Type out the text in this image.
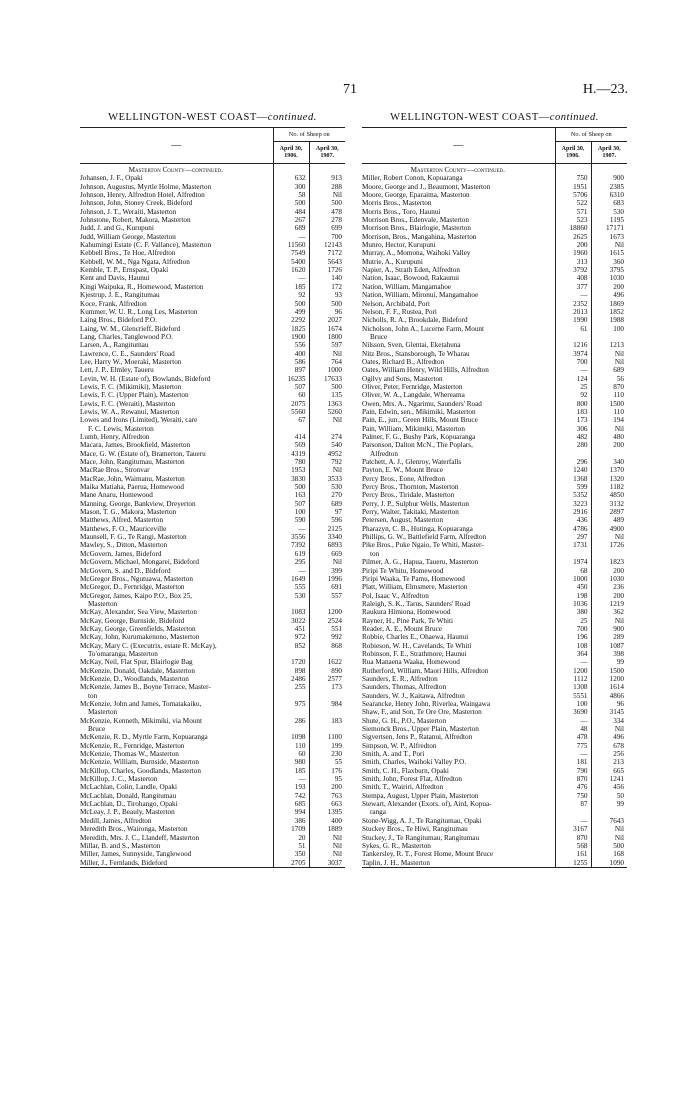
71	H.—23.
WELLINGTON-WEST COAST—continued.
—	No. of Sheep on	

	April 30,
1906.	April 30,
1907.

Masterton County—continued.		
Johansen, J. F., Opaki	632	913
Johnson, Augustus, Myrtle Holme, Masterton	300	288
Johnson, Henry, Alfredton Hotel, Alfredton	58	Nil
Johnson, John, Stoney Creek, Bideford	500	500
Johnson, J. T., Weraiti, Masterton	484	478
Johnstone, Robert, Makora, Masterton	267	278
Judd, J. and G., Kurupuni	689	699
Judd, William George, Masterton	—	700
Kahumingi Estate (C. F. Vallance), Masterton	11560	12143
Kebbell Bros., Te Hoe, Alfredton	7549	7172
Kebbell, W. M., Nga Ngata, Alfredton	5400	5643
Kemble, T. P., Ernspast, Opaki	1620	1726
Kent and Davis, Haunui	—	140
Kingi Waipuka, R., Homewood, Masterton	185	172
Kjestrup, J. E., Rangitumau	92	93
Koce, Frank, Alfredton	500	500
Kummer, W. U. R., Long Les, Masterton	499	96
Laing Bros., Bideford P.O.	2292	2027
Laing, W. M., Glencrieff, Bideford	1825	1674
Lang, Charles, Tanglewood P.O.	1900	1800
Larsen, A., Rangitumau	556	597
Lawrence, C. E., Saunders' Road	400	Nil
Lee, Harry W., Moeraki, Masterton	586	764
Lett, J. P., Elmley, Taueru	897	1000
Levin, W. H. (Estate of), Bowlands, Bideford	16235	17633
Lewis, F. C. (Mikimiki), Masterton	507	500
Lewis, F. C. (Upper Plain), Masterton	60	135
Lewis, F. C. (Weraiti), Masterton	2075	1363
Lewis, W. A., Rewanui, Masterton	5560	5260
Lowes and Irons (Limited), Weraiti, care	67	Nil
F. C. Lewis, Masterton		
Lumb, Henry, Alfredton	414	274
Macara, James, Brookfield, Masterton	569	540
Mace, G. W. (Estate of), Bramerton, Taueru	4319	4952
Mace, John, Rangitumau, Masterton	780	792
MacRae Bros., Stronvar	1953	Nil
MacRae, John, Waimanu, Masterton	3830	3533
Maika Matiaha, Paerua, Homewood	500	530
Mane Anaru, Homewood	163	270
Manning, George, Bankview, Dreyerton	507	689
Mason, T. G., Makora, Masterton	100	97
Matthews, Alfred, Masterton	590	596
Matthews, F. O., Mauriceville	—	2125
Maunsell, F. G., Te Rangi, Masterton	3556	3340
Mawley, S., Ditton, Masterton	7392	6893
McGovern, James, Bideford	619	669
McGovern, Michael, Mongarei, Bideford	295	Nil
McGovern, S. and D., Bideford	—	399
McGregor Bros., Ngutuawa, Masterton	1649	1996
McGregor, D., Fernridge, Masterton	555	691
McGregor, James, Kaipo P.O., Box 25,	530	557
Masterton		
McKay, Alexander, Sea View, Masterton	1083	1200
McKay, George, Burnside, Bideford	3022	2524
McKay, George, Greenfields, Masterton	451	551
McKay, John, Kurumakenono, Masterton	972	992
McKay, Mary C. (Executrix, estate R. McKay),	852	868
To'omaranga, Masterton		
McKay, Neil, Flat Spur, Blairlogie Bag	1720	1622
McKenzie, Donald, Oakdale, Masterton	898	890
McKenzie, D., Woodlands, Masterton	2486	2577
McKenzie, James B., Boyne Terrace, Master-	255	173
ton		
McKenzie, John and James, Tomatakaiku,	975	984
Masterton		
McKenzie, Kenneth, Mikimiki, via Mount	286	183
Bruce		
McKenzie, R. D., Myrtle Farm, Kopuaranga	1098	1100
McKenzie, R., Fernridge, Masterton	110	199
McKenzie, Thomas W., Masterton	60	230
McKenzie, William, Burnside, Masterton	980	55
McKillop, Charles, Goodlands, Masterton	185	176
McKillop, J. C., Masterton	—	95
McLachlan, Colin, Landle, Opaki	193	200
McLachlan, Donald, Rangitumau	742	763
McLachlan, D., Tirohango, Opaki	685	663
McLeay, J. P., Beauly, Masterton	994	1395
Medill, James, Alfredton	386	400
Meredith Bros., Waironga, Masterton	1709	1889
Meredith, Mrs. J. C., Llandeff, Masterton	20	Nil
Millar, B. and S., Masterton	51	Nil
Miller, James, Sunnyside, Tanglewood	350	Nil
Miller, J., Fernlands, Bideford	2705	3037
WELLINGTON-WEST COAST—continued.
—	No. of Sheep on	

	April 30,
1906.	April 30,
1907.

Masterton County—continued.		
Miller, Robert Conon, Kopuaranga	750	900
Moore, George and J., Beaumont, Masterton	1951	2385
Moore, George, Eparaima, Masterton	5706	6310
Morris Bros., Masterton	522	683
Morris Bros., Toro, Haunui	571	530
Morrison Bros., Edenvale, Masterton	523	1195
Morrison Bros., Blairlogie, Masterton	18860	17171
Morrison, Bros., Mangahina, Masterton	2625	1673
Munro, Hector, Kurupuni	200	Nil
Murray, A., Momona, Waihoki Valley	1960	1615
Mutrie, A., Kurupuni	313	360
Napier, A., Strath Eden, Alfredton	3792	3795
Nation, Isaac, Bowood, Rakaunui	408	1030
Nation, William, Mangamahoe	377	200
Nation, William, Mironui, Mangamahoe	—	496
Nelson, Archibald, Pori	2352	1869
Nelson, F. F., Rustea, Pori	2013	1852
Nicholls, R. A., Brookdale, Bideford	1990	1988
Nicholson, John A., Lucerne Farm, Mount	61	100
Bruce		
Nilsson, Sven, Glentai, Eketahuna	1216	1213
Nitz Bros., Stansborough, Te Wharau	3974	Nil
Oates, Richard B., Alfredton	700	Nil
Oates, William Henry, Wild Hills, Alfredton	—	689
Ogilvy and Sons, Masterton	124	56
Oliver, Peter, Fernridge, Masterton	25	870
Oliver, W. A., Langdale, Whereama	92	110
Owen, Mrs. A., Ngarimu, Saunders' Road	800	1500
Pain, Edwin, sen., Mikimiki, Masterton	183	110
Pain, E., jun., Green Hills, Mount Bruce	173	194
Pain, William, Mikimiki, Masterton	306	Nil
Palmer, F. G., Bushy Park, Kopuaranga	482	480
Parsonson, Dalton McN., The Poplars,	280	200
Alfredton		
Patchett, A. J., Glenroy, Waterfalls	296	340
Payton, E. W., Mount Bruce	1240	1370
Percy Bros., Eone, Alfredton	1368	1320
Percy Bros., Thornton, Masterton	599	1182
Percy Bros., Tiridale, Masterton	5352	4850
Perry, J. P., Sulphur Wells, Masterton	3223	3132
Perry, Walter, Takitaki, Masterton	2916	2897
Petersen, August, Masterton	436	489
Pharazyn, C. B., Hutinga, Kopuaranga	4786	4900
Phillips, G. W., Battlefield Farm, Alfredton	297	Nil
Pike Bros., Puke Ngaio, Te Whiti, Master-	1731	1726
ton		
Pilmer, A. G., Hapua, Taueru, Masterton	1974	1823
Piripi Te Whitu, Homewood	68	200
Piripi Waaka, Te Pamu, Homewood	1000	1030
Platt, William, Elmsmere, Masterton	450	236
Pol, Isaac V., Alfredton	198	200
Raleigh, S. K., Tarus, Saunders' Road	1036	1219
Raukura Himiona, Homewood	380	362
Rayner, H., Pine Park, Te Whiti	25	Nil
Reader, A. E., Mount Bruce	700	900
Robbie, Charles E., Ohaewa, Haunui	196	289
Robieson, W. H., Cavelands, Te Whiti	108	1087
Robinson, F. E., Strathmore, Haunui	364	398
Rua Manaena Waaka, Homewood	—	99
Rutherford, William, Maori Hills, Alfredton	1200	1500
Saunders, E. R., Alfredton	1112	1200
Saunders, Thomas, Alfredton	1308	1614
Saunders, W. J., Kaitawa, Alfredton	5551	4866
Searancke, Henry John, Riverlea, Waingawa	100	96
Shaw, F., and Son, Te Ore Ore, Masterton	3690	3145
Shute, G. H., P.O., Masterton	—	334
Siemonck Bros., Upper Plain, Masterton	48	Nil
Sigvertsen, Jens P., Ratanui, Alfredton	478	496
Simpson, W. P., Alfredton	775	678
Smith, A. and T., Pori	—	256
Smith, Charles, Waihoki Valley P.O.	181	213
Smith, C. H., Flaxburn, Opaki	790	665
Smith, John, Forest Flat, Alfredton	870	1241
Smith, T., Wairiri, Alfredton	476	456
Stempa, August, Upper Plain, Masterton	750	50
Stewart, Alexander (Exors. of), Aird, Kopua-	87	99
ranga		
Stone-Wigg, A. J., Te Rangitumau, Opaki	—	7643
Stuckey Bros., Te Hiwi, Rangitumau	3167	Nil
Stuckey, J., Te Rangitumau, Rangitumau	870	Nil
Sykes, G. R., Masterton	568	500
Tankersley, R. T., Forest Home, Mount Bruce	161	168
Taplin, J. H., Masterton	1255	1090
